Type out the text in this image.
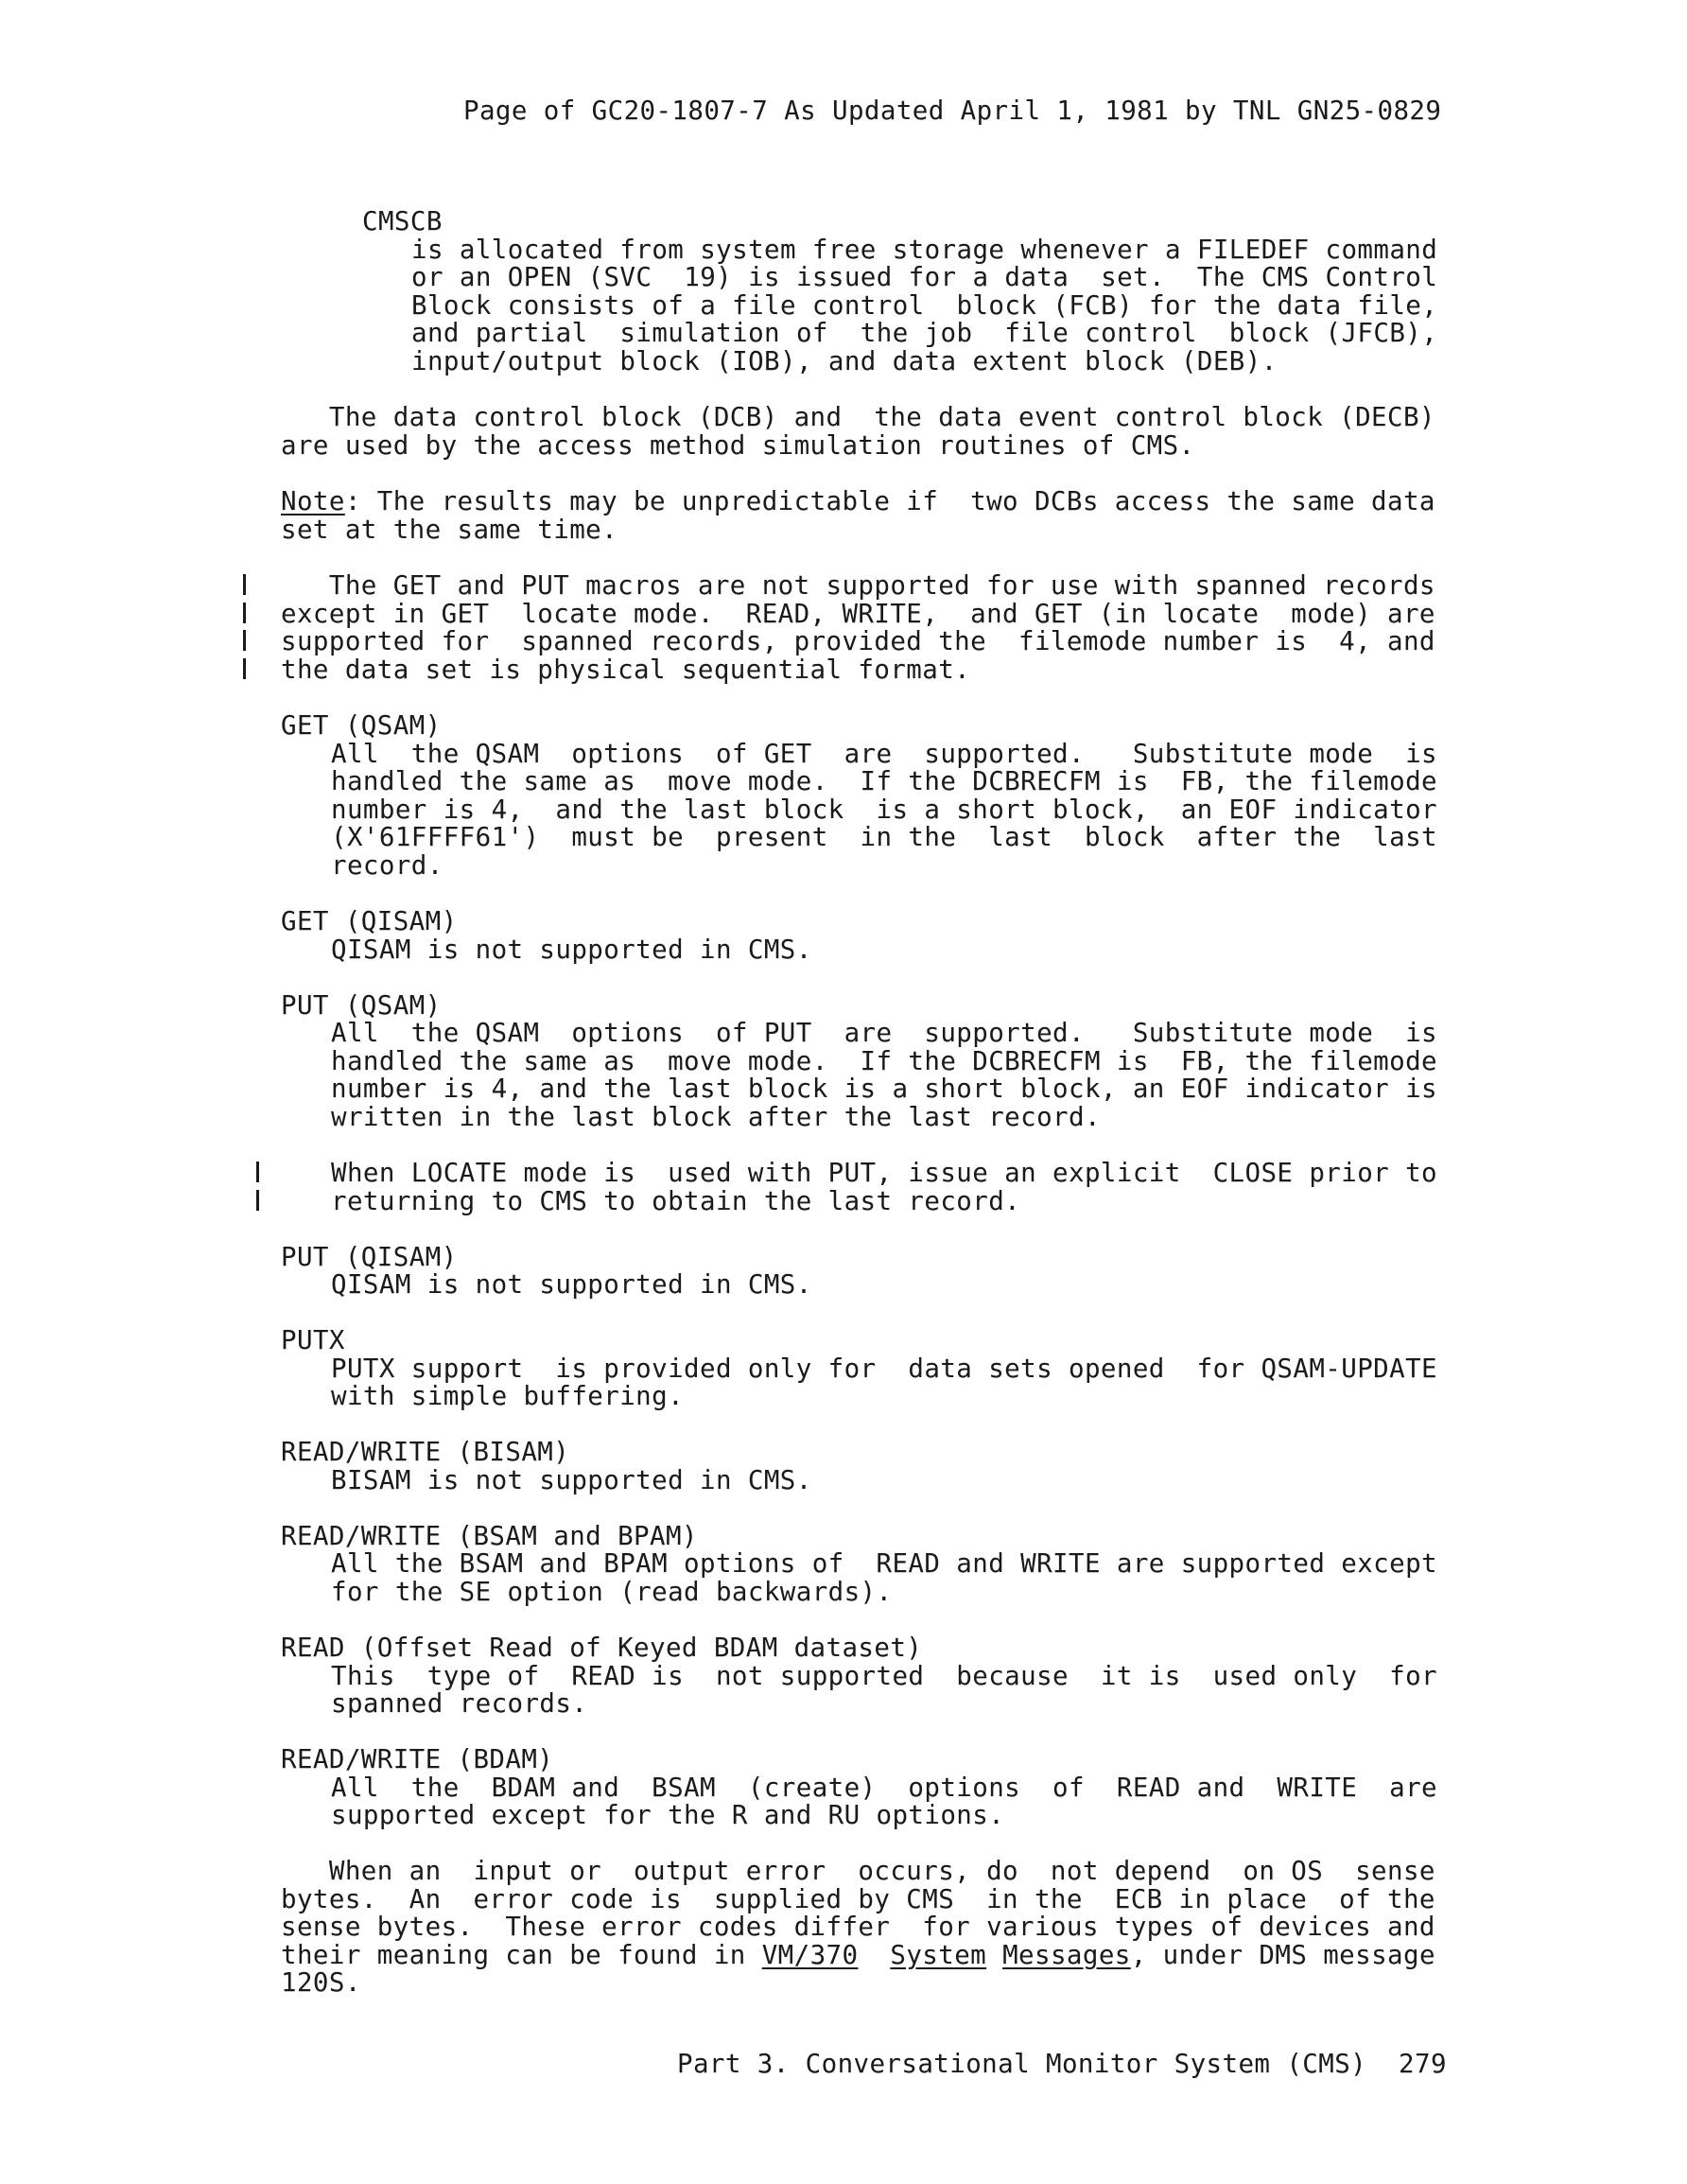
Page of GC20-1807-7 As Updated April 1, 1981 by TNL GN25-0829
CMSCB
is allocated from system free storage whenever a FILEDEF command
or an OPEN (SVC  19) is issued for a data  set.  The CMS Control
Block consists of a file control  block (FCB) for the data file,
and partial  simulation of  the job  file control  block (JFCB),
input/output block (IOB), and data extent block (DEB).
The data control block (DCB) and  the data event control block (DECB)
are used by the access method simulation routines of CMS.
Note: The results may be unpredictable if  two DCBs access the same data
set at the same time.
The GET and PUT macros are not supported for use with spanned records
except in GET  locate mode.  READ, WRITE,  and GET (in locate  mode) are
supported for  spanned records, provided the  filemode number is  4, and
the data set is physical sequential format.
GET (QSAM)
All  the QSAM  options  of GET  are  supported.   Substitute mode  is
handled the same as  move mode.  If the DCBRECFM is  FB, the filemode
number is 4,  and the last block  is a short block,  an EOF indicator
(X'61FFFF61')  must be  present  in the  last  block  after the  last
record.
GET (QISAM)
QISAM is not supported in CMS.
PUT (QSAM)
All  the QSAM  options  of PUT  are  supported.   Substitute mode  is
handled the same as  move mode.  If the DCBRECFM is  FB, the filemode
number is 4, and the last block is a short block, an EOF indicator is
written in the last block after the last record.
When LOCATE mode is  used with PUT, issue an explicit  CLOSE prior to
returning to CMS to obtain the last record.
PUT (QISAM)
QISAM is not supported in CMS.
PUTX
PUTX support  is provided only for  data sets opened  for QSAM-UPDATE
with simple buffering.
READ/WRITE (BISAM)
BISAM is not supported in CMS.
READ/WRITE (BSAM and BPAM)
All the BSAM and BPAM options of  READ and WRITE are supported except
for the SE option (read backwards).
READ (Offset Read of Keyed BDAM dataset)
This  type of  READ is  not supported  because  it is  used only  for
spanned records.
READ/WRITE (BDAM)
All  the  BDAM and  BSAM  (create)  options  of  READ and  WRITE  are
supported except for the R and RU options.
When an  input or  output error  occurs, do  not depend  on OS  sense
bytes.  An  error code is  supplied by CMS  in the  ECB in place  of the
sense bytes.  These error codes differ  for various types of devices and
their meaning can be found in VM/370 System Messages, under DMS message
120S.
Part 3. Conversational Monitor System (CMS) 279
